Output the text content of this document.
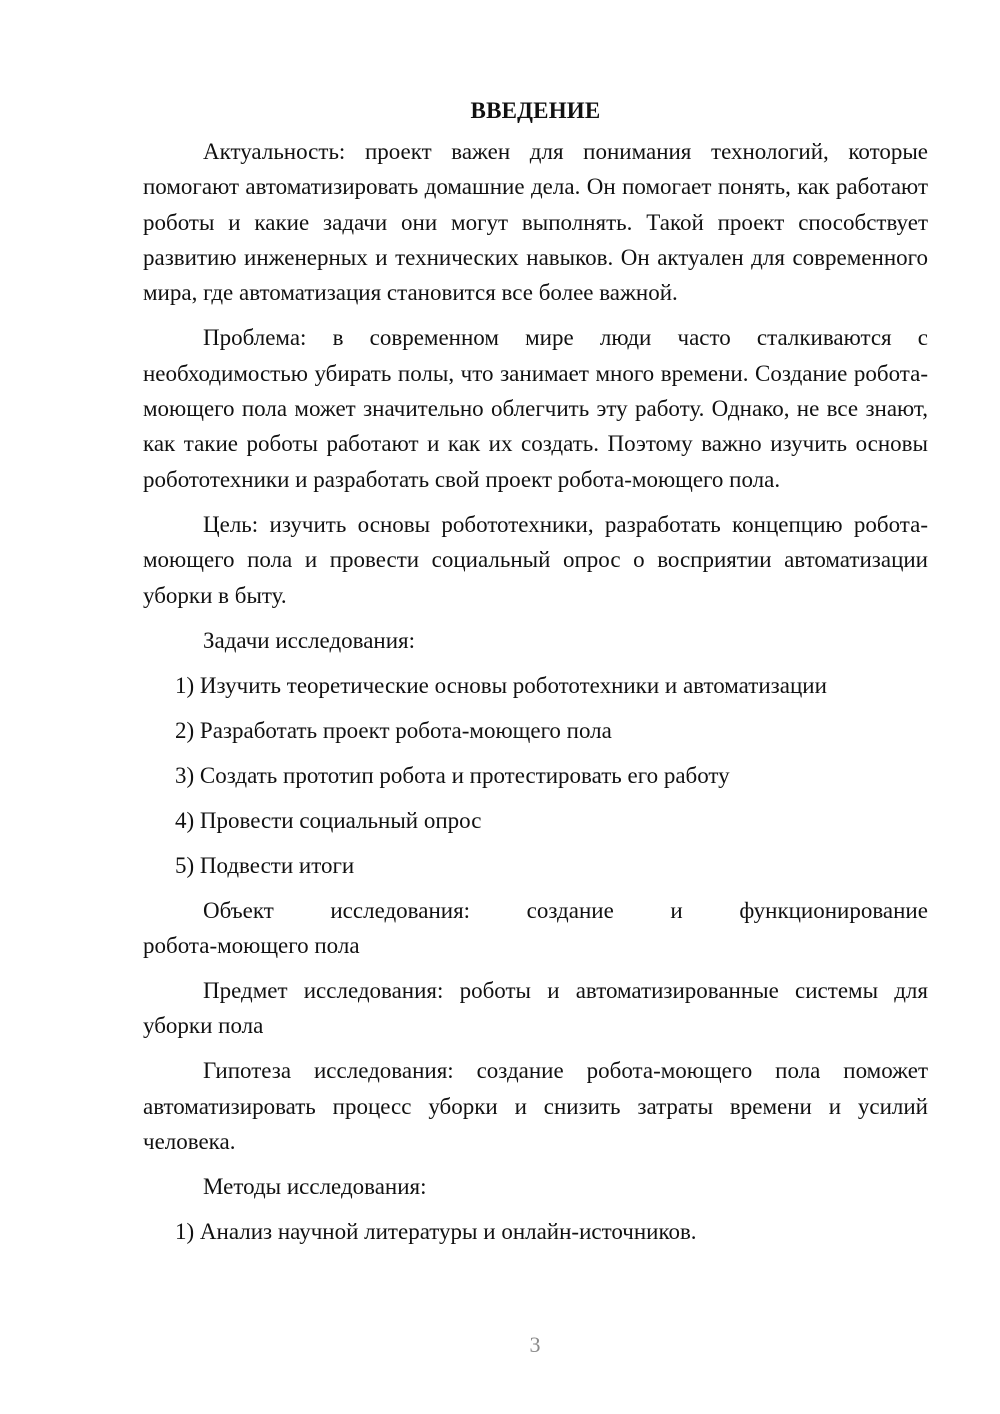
ВВЕДЕНИЕ

Актуальность: проект важен для понимания технологий, которые помогают автоматизировать домашние дела. Он помогает понять, как работают роботы и какие задачи они могут выполнять. Такой проект способствует развитию инженерных и технических навыков. Он актуален для современного мира, где автоматизация становится все более важной.

Проблема: в современном мире люди часто сталкиваются с необходимостью убирать полы, что занимает много времени. Создание робота-моющего пола может значительно облегчить эту работу. Однако, не все знают, как такие роботы работают и как их создать. Поэтому важно изучить основы робототехники и разработать свой проект робота-моющего пола.

Цель: изучить основы робототехники, разработать концепцию робота-моющего пола и провести социальный опрос о восприятии автоматизации уборки в быту.

Задачи исследования:
1) Изучить теоретические основы робототехники и автоматизации
2) Разработать проект робота-моющего пола
3) Создать прототип робота и протестировать его работу
4) Провести социальный опрос
5) Подвести итоги
Объект исследования: создание и функционирование
робота-моющего пола

Предмет исследования: роботы и автоматизированные системы для уборки пола

Гипотеза исследования: создание робота-моющего пола поможет автоматизировать процесс уборки и снизить затраты времени и усилий человека.

Методы исследования:
1) Анализ научной литературы и онлайн-источников.
3
